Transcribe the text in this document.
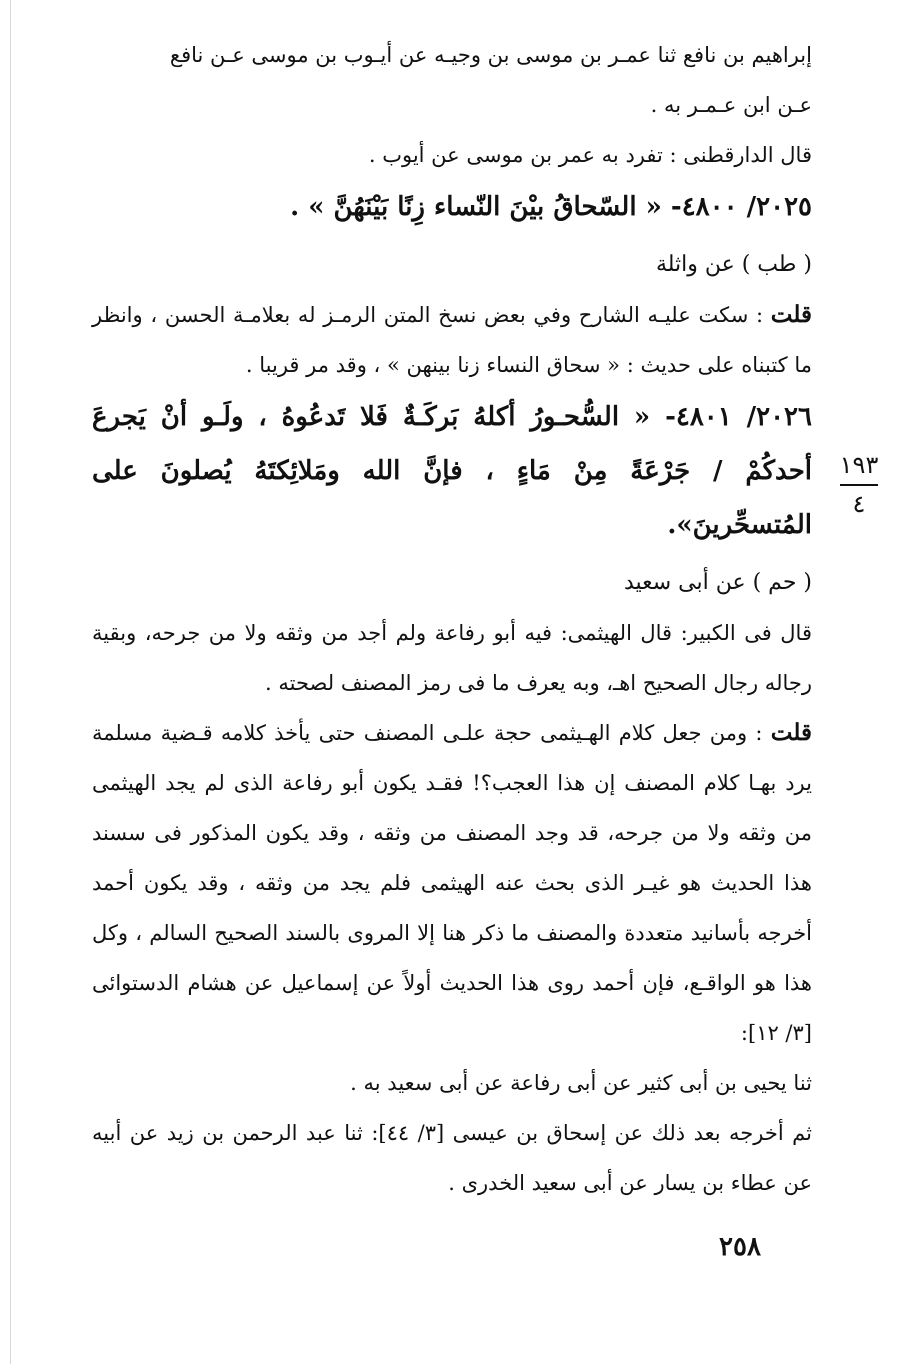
إبراهيم بن نافع ثنا عمـر بن موسى بن وجيـه عن أيـوب بن موسى عـن نافع
عـن ابن عـمـر به .

قال الدارقطنى : تفرد به عمر بن موسى عن أيوب .

٢٠٢٥/ ٤٨٠٠- « السّحاقُ بيْنَ النّساء زِنًا بَيْنَهُنَّ » .

( طب ) عن واثلة

قلت : سكت عليـه الشارح وفي بعض نسخ المتن الرمـز له بعلامـة الحسن ، وانظر ما كتبناه على حديث : « سحاق النساء زنا بينهن » ، وقد مر قريبا .

٢٠٢٦/ ٤٨٠١- « السُّحـورُ أكلهُ بَركَـةٌ فَلا تَدعُوهُ ، ولَـو أنْ يَجرعَ أحدكُمْ / جَرْعَةً مِنْ مَاءٍ ، فإنَّ الله ومَلائِكتَهُ يُصلونَ على المُتسحِّرينَ».

( حم ) عن أبى سعيد

قال فى الكبير: قال الهيثمى: فيه أبو رفاعة ولم أجد من وثقه ولا من جرحه، وبقية رجاله رجال الصحيح اهـ، وبه يعرف ما فى رمز المصنف لصحته .

قلت : ومن جعل كلام الهـيثمى حجة علـى المصنف حتى يأخذ كلامه قـضية مسلمة يرد بهـا كلام المصنف إن هذا العجب؟! فقـد يكون أبو رفاعة الذى لم يجد الهيثمى من وثقه ولا من جرحه، قد وجد المصنف من وثقه ، وقد يكون المذكور فى سسند هذا الحديث هو غيـر الذى بحث عنه الهيثمى فلم يجد من وثقه ، وقد يكون أحمد أخرجه بأسانيد متعددة والمصنف ما ذكر هنا إلا المروى بالسند الصحيح السالم ، وكل هذا هو الواقـع، فإن أحمد روى هذا الحديث أولاً عن إسماعيل عن هشام الدستوائى [٣/ ١٢]:

ثنا يحيى بن أبى كثير عن أبى رفاعة عن أبى سعيد به .

ثم أخرجه بعد ذلك عن إسحاق بن عيسى [٣/ ٤٤]: ثنا عبد الرحمن بن زيد عن أبيه عن عطاء بن يسار عن أبى سعيد الخدرى .

١٩٣
٤
٢٥٨
